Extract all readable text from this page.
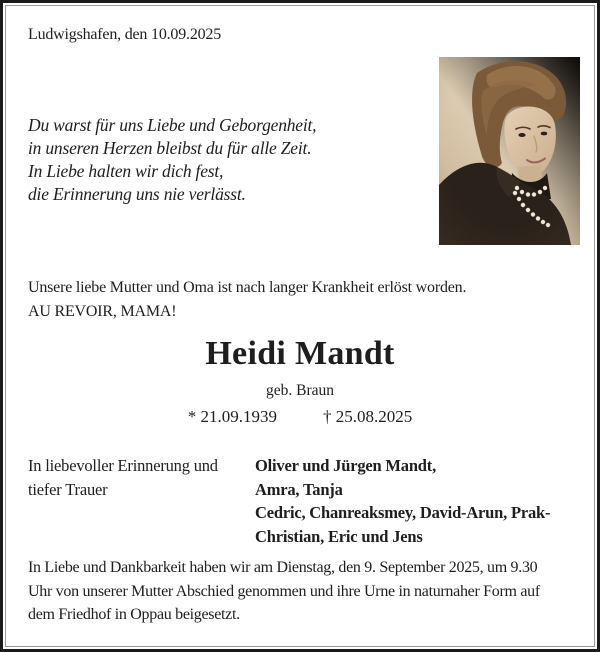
Ludwigshafen, den 10.09.2025
Du warst für uns Liebe und Geborgenheit,
in unseren Herzen bleibst du für alle Zeit.
In Liebe halten wir dich fest,
die Erinnerung uns nie verlässt.
Unsere liebe Mutter und Oma ist nach langer Krankheit erlöst worden.
AU REVOIR, MAMA!
Heidi Mandt
geb. Braun
* 21.09.1939	† 25.08.2025
In liebevoller Erinnerung und
tiefer Trauer
Oliver und Jürgen Mandt,
Amra, Tanja
Cedric, Chanreaksmey, David-Arun, Prak-
Christian, Eric und Jens
In Liebe und Dankbarkeit haben wir am Dienstag, den 9. September 2025, um 9.30
Uhr von unserer Mutter Abschied genommen und ihre Urne in naturnaher Form auf
dem Friedhof in Oppau beigesetzt.
